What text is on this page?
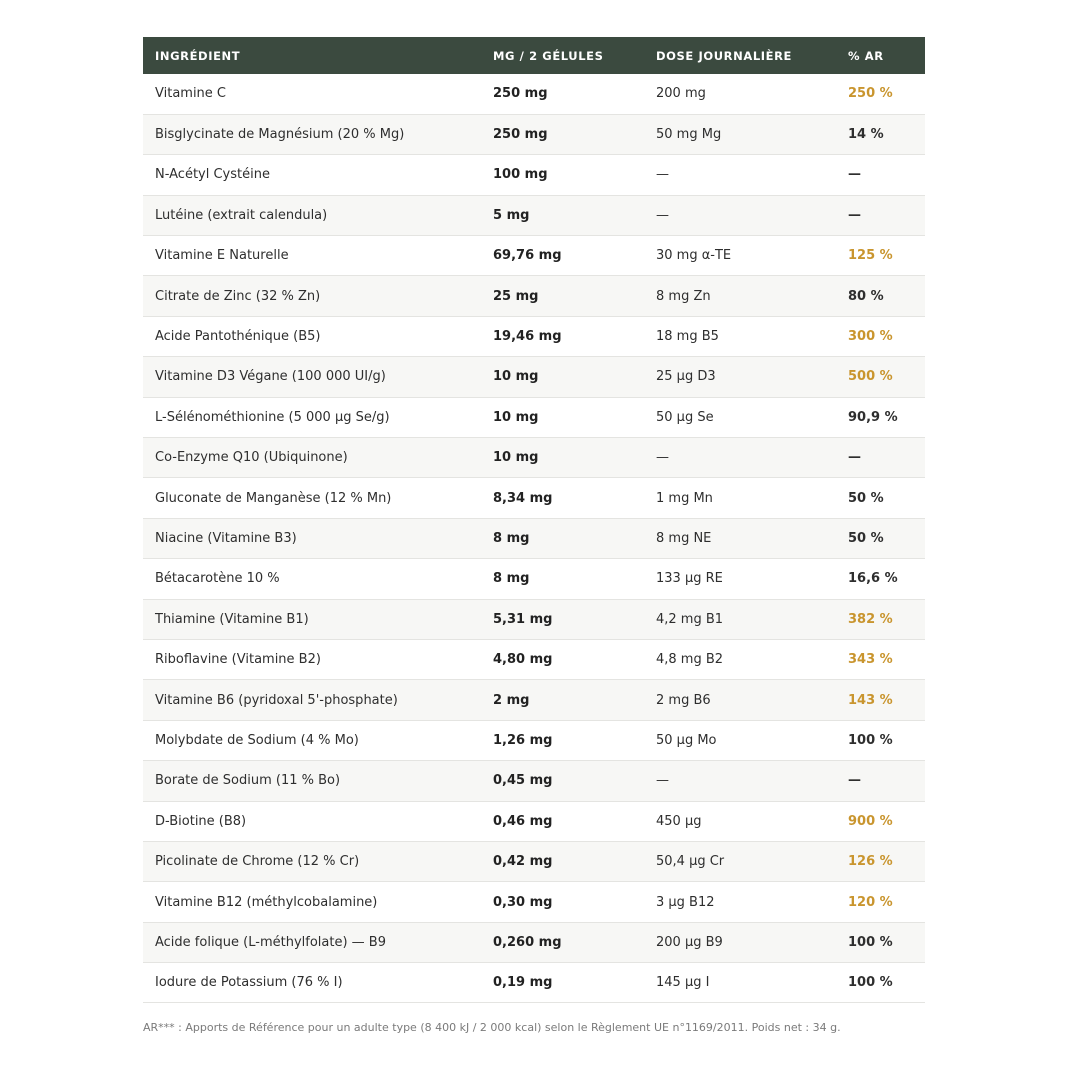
INGRÉDIENT	MG / 2 GÉLULES	DOSE JOURNALIÈRE	% AR
Vitamine C	250 mg	200 mg	250 %
Bisglycinate de Magnésium (20 % Mg)	250 mg	50 mg Mg	14 %
N-Acétyl Cystéine	100 mg	—	—
Lutéine (extrait calendula)	5 mg	—	—
Vitamine E Naturelle	69,76 mg	30 mg α-TE	125 %
Citrate de Zinc (32 % Zn)	25 mg	8 mg Zn	80 %
Acide Pantothénique (B5)	19,46 mg	18 mg B5	300 %
Vitamine D3 Végane (100 000 UI/g)	10 mg	25 µg D3	500 %
L-Sélénométhionine (5 000 µg Se/g)	10 mg	50 µg Se	90,9 %
Co-Enzyme Q10 (Ubiquinone)	10 mg	—	—
Gluconate de Manganèse (12 % Mn)	8,34 mg	1 mg Mn	50 %
Niacine (Vitamine B3)	8 mg	8 mg NE	50 %
Bétacarotène 10 %	8 mg	133 µg RE	16,6 %
Thiamine (Vitamine B1)	5,31 mg	4,2 mg B1	382 %
Riboflavine (Vitamine B2)	4,80 mg	4,8 mg B2	343 %
Vitamine B6 (pyridoxal 5'-phosphate)	2 mg	2 mg B6	143 %
Molybdate de Sodium (4 % Mo)	1,26 mg	50 µg Mo	100 %
Borate de Sodium (11 % Bo)	0,45 mg	—	—
D-Biotine (B8)	0,46 mg	450 µg	900 %
Picolinate de Chrome (12 % Cr)	0,42 mg	50,4 µg Cr	126 %
Vitamine B12 (méthylcobalamine)	0,30 mg	3 µg B12	120 %
Acide folique (L-méthylfolate) — B9	0,260 mg	200 µg B9	100 %
Iodure de Potassium (76 % I)	0,19 mg	145 µg I	100 %
AR*** : Apports de Référence pour un adulte type (8 400 kJ / 2 000 kcal) selon le Règlement UE n°1169/2011. Poids net : 34 g.
